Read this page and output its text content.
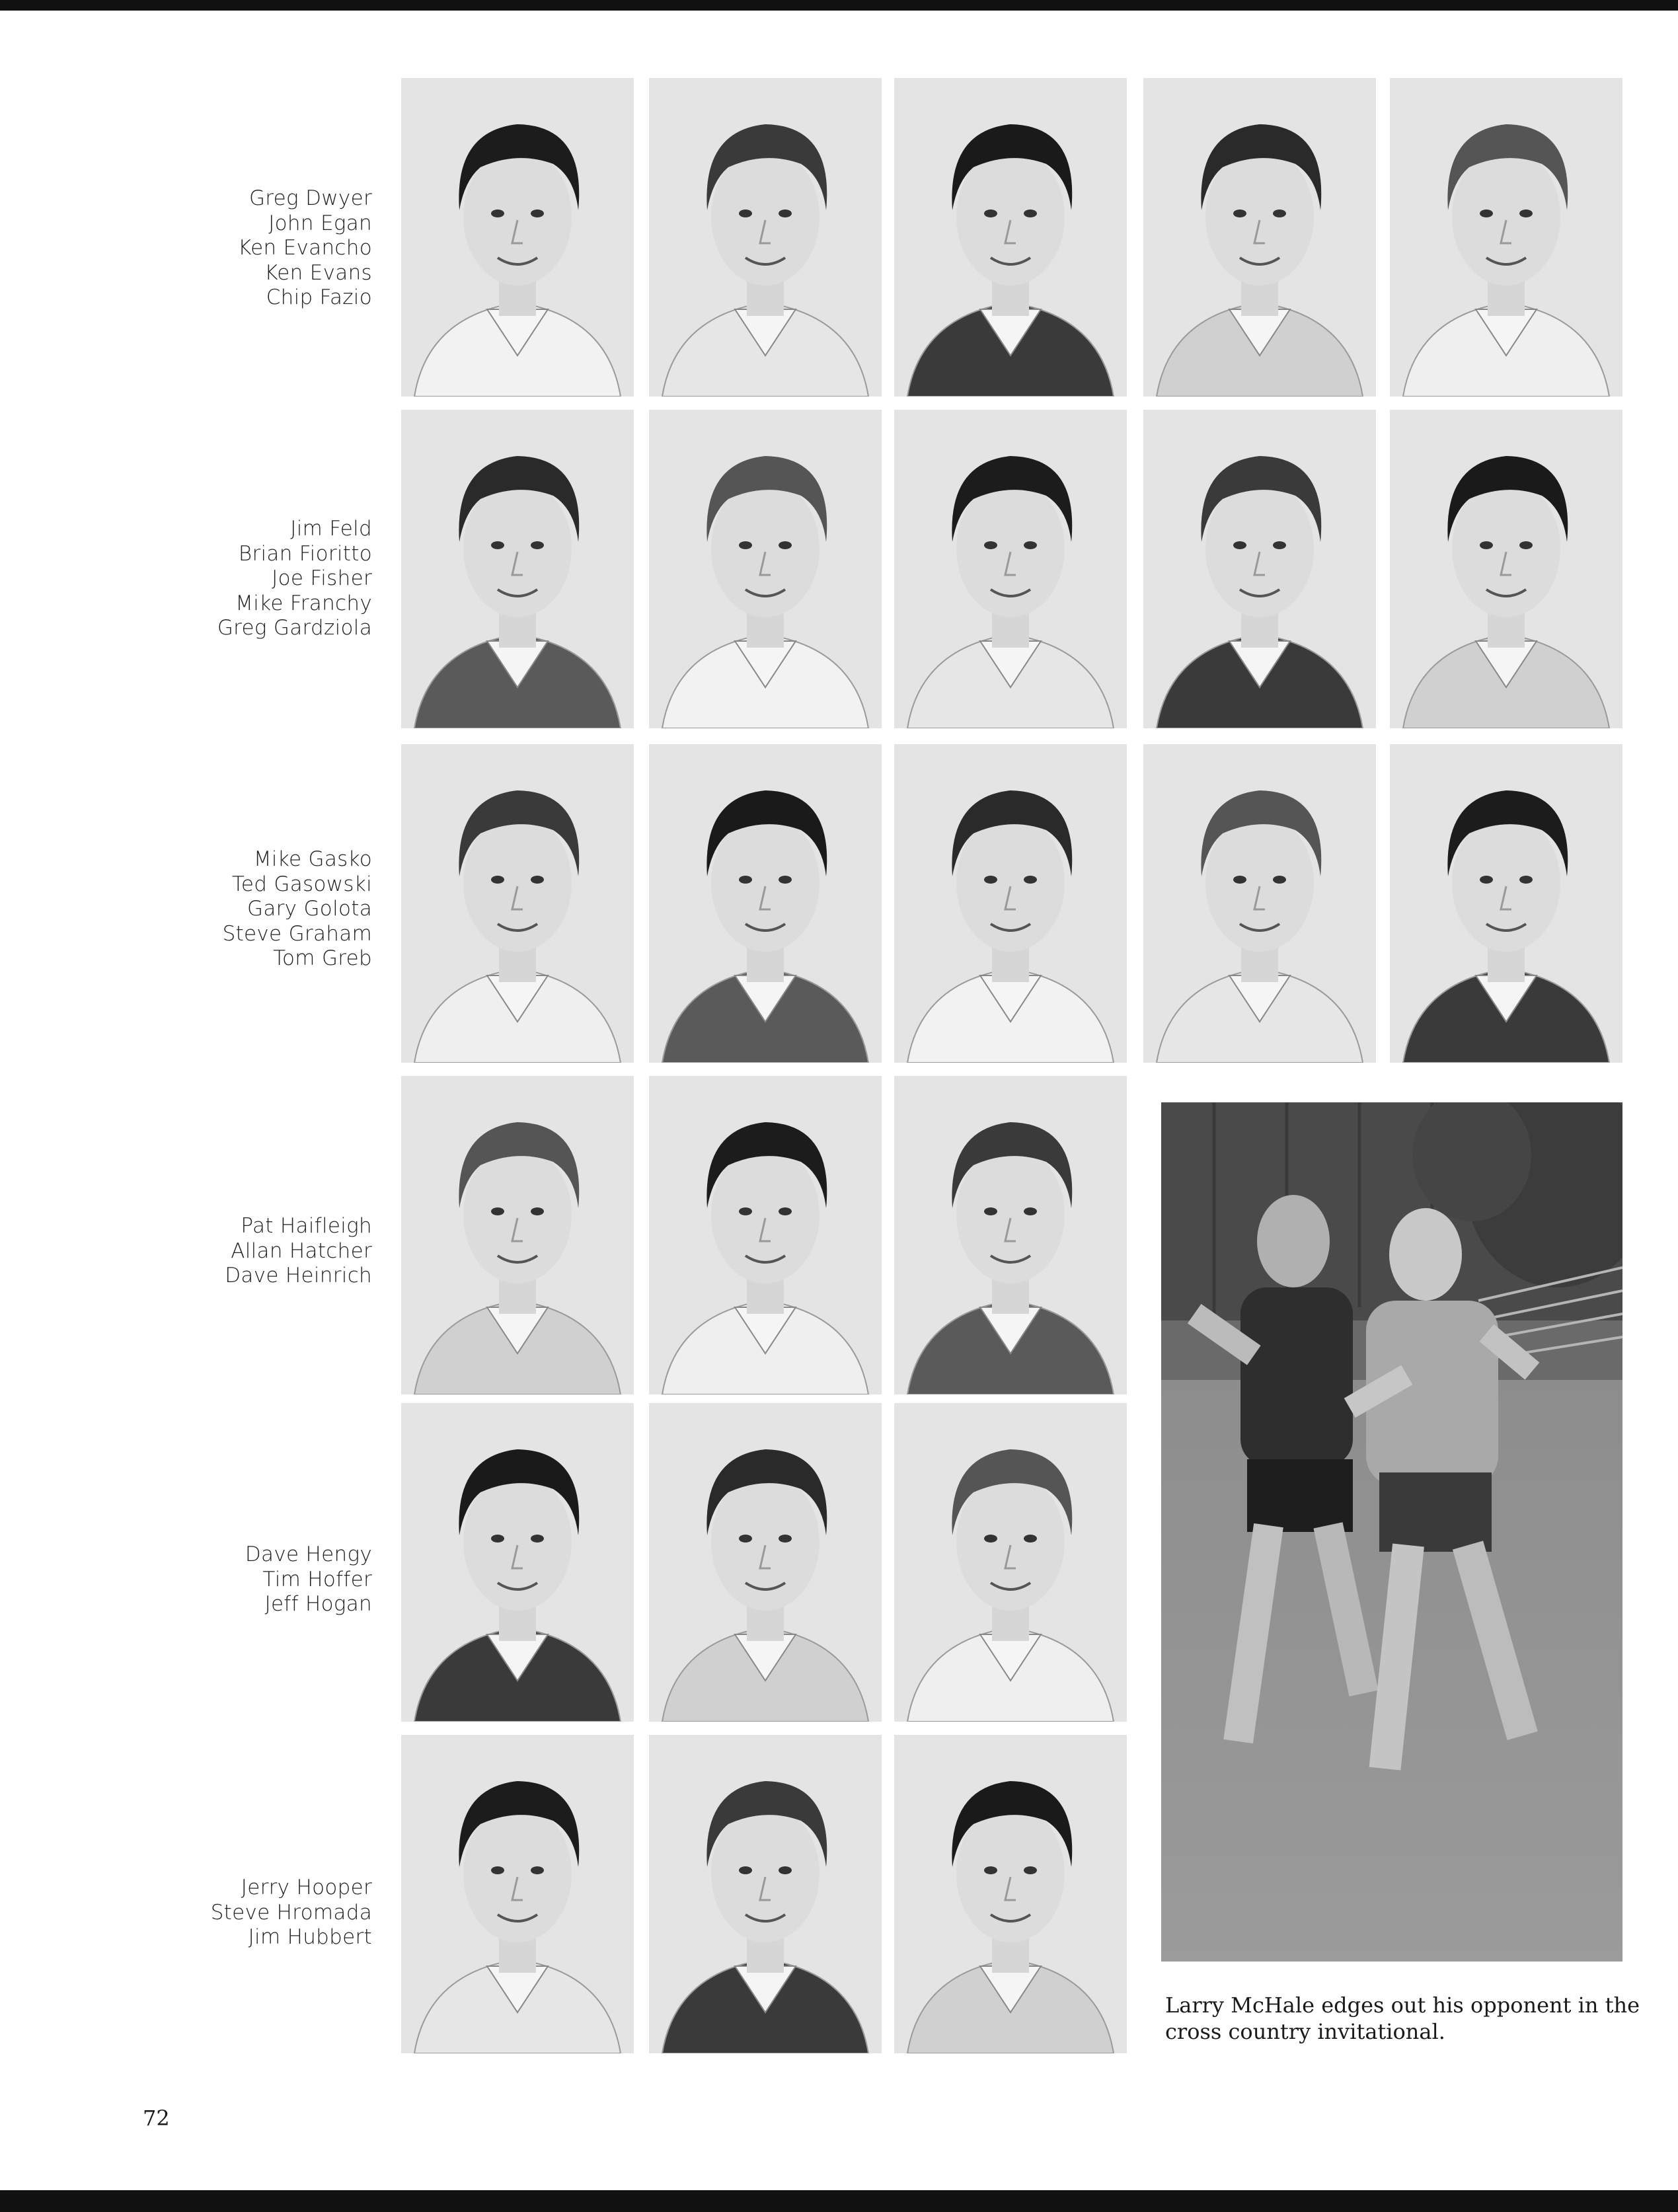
Greg Dwyer
John Egan
Ken Evancho
Ken Evans
Chip Fazio
Jim Feld
Brian Fioritto
Joe Fisher
Mike Franchy
Greg Gardziola
Mike Gasko
Ted Gasowski
Gary Golota
Steve Graham
Tom Greb
Pat Haifleigh
Allan Hatcher
Dave Heinrich
Dave Hengy
Tim Hoffer
Jeff Hogan
Jerry Hooper
Steve Hromada
Jim Hubbert
Larry McHale edges out his opponent in the cross country invitational.
72
